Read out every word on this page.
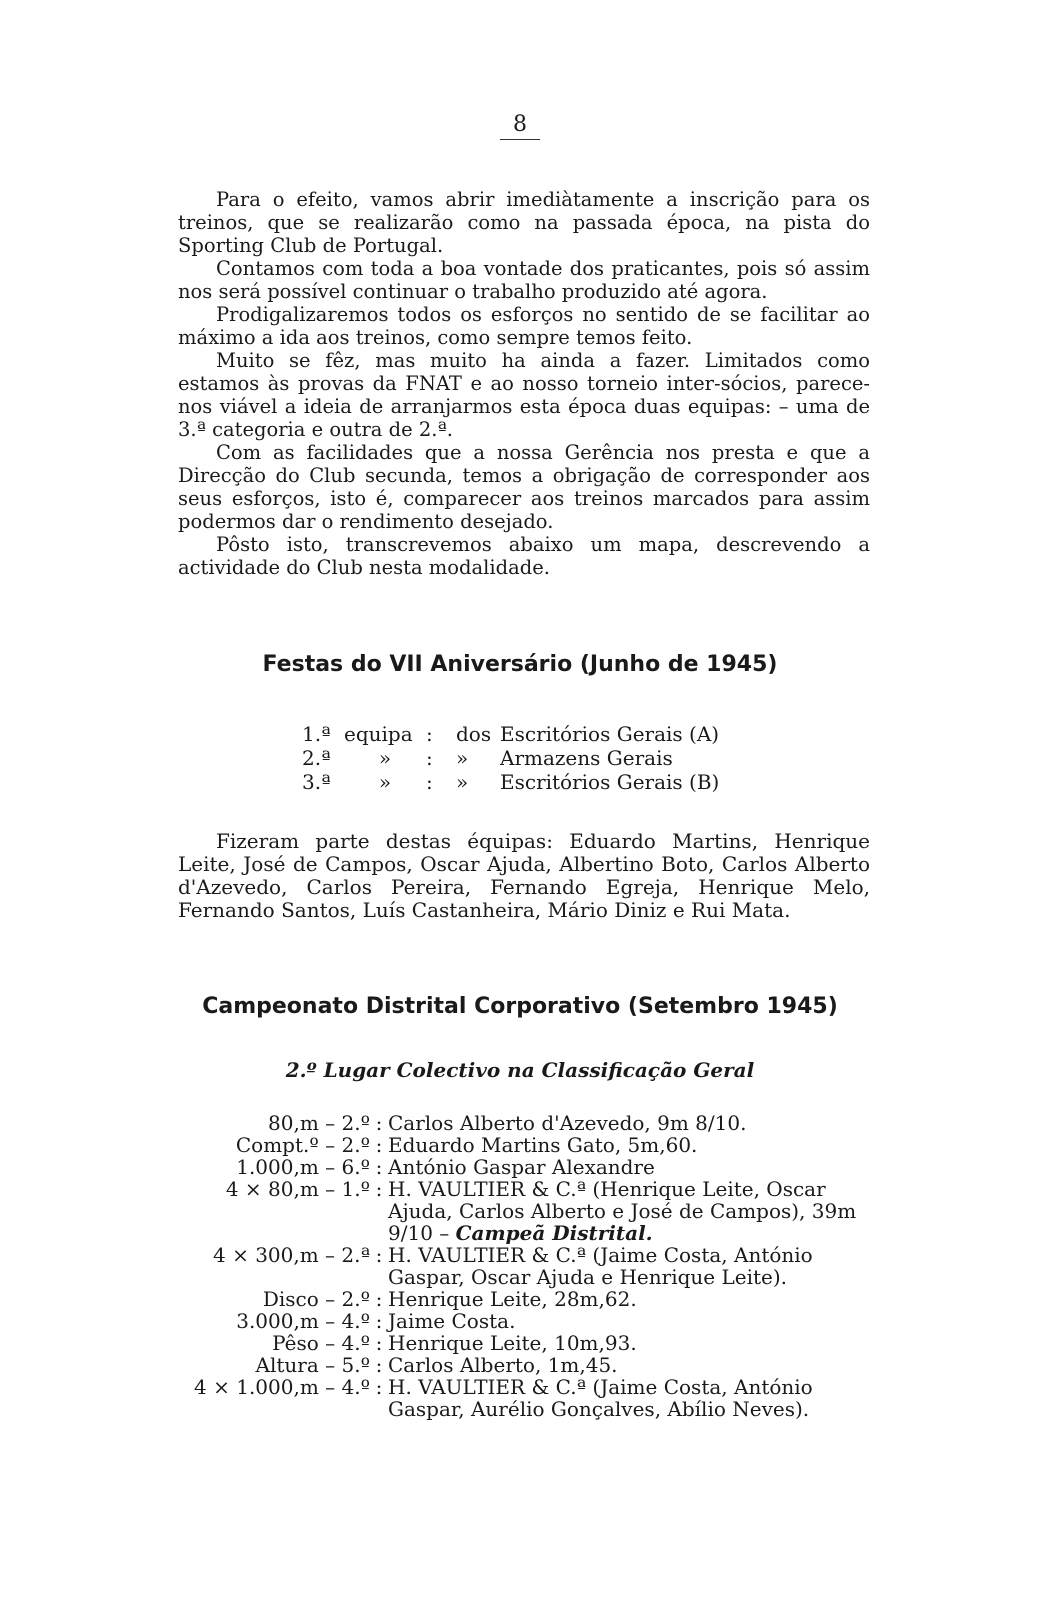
8

Para o efeito, vamos abrir imediàtamente a inscrição para os treinos, que se realizarão como na passada época, na pista do Sporting Club de Portugal.

Contamos com toda a boa vontade dos praticantes, pois só assim nos será possível continuar o trabalho produzido até agora.

Prodigalizaremos todos os esforços no sentido de se facilitar ao máximo a ida aos treinos, como sempre temos feito.

Muito se fêz, mas muito ha ainda a fazer. Limitados como estamos às provas da FNAT e ao nosso torneio inter-sócios, parece-nos viável a ideia de arranjarmos esta época duas equipas: – uma de 3.ª categoria e outra de 2.ª.

Com as facilidades que a nossa Gerência nos presta e que a Direcção do Club secunda, temos a obrigação de corresponder aos seus esforços, isto é, comparecer aos treinos marcados para assim podermos dar o rendimento desejado.

Pôsto isto, transcrevemos abaixo um mapa, descrevendo a actividade do Club nesta modalidade.

Festas do VII Aniversário (Junho de 1945)
1.ª equipa :	dos Escritórios Gerais (A)
2.ª	»	:	»	Armazens Gerais
3.ª	»	:	»	Escritórios Gerais (B)

Fizeram parte destas équipas: Eduardo Martins, Henrique Leite, José de Campos, Oscar Ajuda, Albertino Boto, Carlos Alberto d'Azevedo, Carlos Pereira, Fernando Egreja, Henrique Melo, Fernando Santos, Luís Castanheira, Mário Diniz e Rui Mata.

Campeonato Distrital Corporativo (Setembro 1945)
2.º Lugar Colectivo na Classificação Geral
80,m – 2.º : Carlos Alberto d'Azevedo, 9m 8/10.
Compt.º – 2.º : Eduardo Martins Gato, 5m,60.
1.000,m – 6.º : António Gaspar Alexandre
4 × 80,m – 1.º : H. VAULTIER & C.ª (Henrique Leite, Oscar Ajuda, Carlos Alberto e José de Campos), 39m 9/10 – Campeã Distrital.
4 × 300,m – 2.ª : H. VAULTIER & C.ª (Jaime Costa, António Gaspar, Oscar Ajuda e Henrique Leite).
Disco – 2.º : Henrique Leite, 28m,62.
3.000,m – 4.º : Jaime Costa.
Pêso – 4.º : Henrique Leite, 10m,93.
Altura – 5.º : Carlos Alberto, 1m,45.
4 × 1.000,m – 4.º : H. VAULTIER & C.ª (Jaime Costa, António Gaspar, Aurélio Gonçalves, Abílio Neves).
